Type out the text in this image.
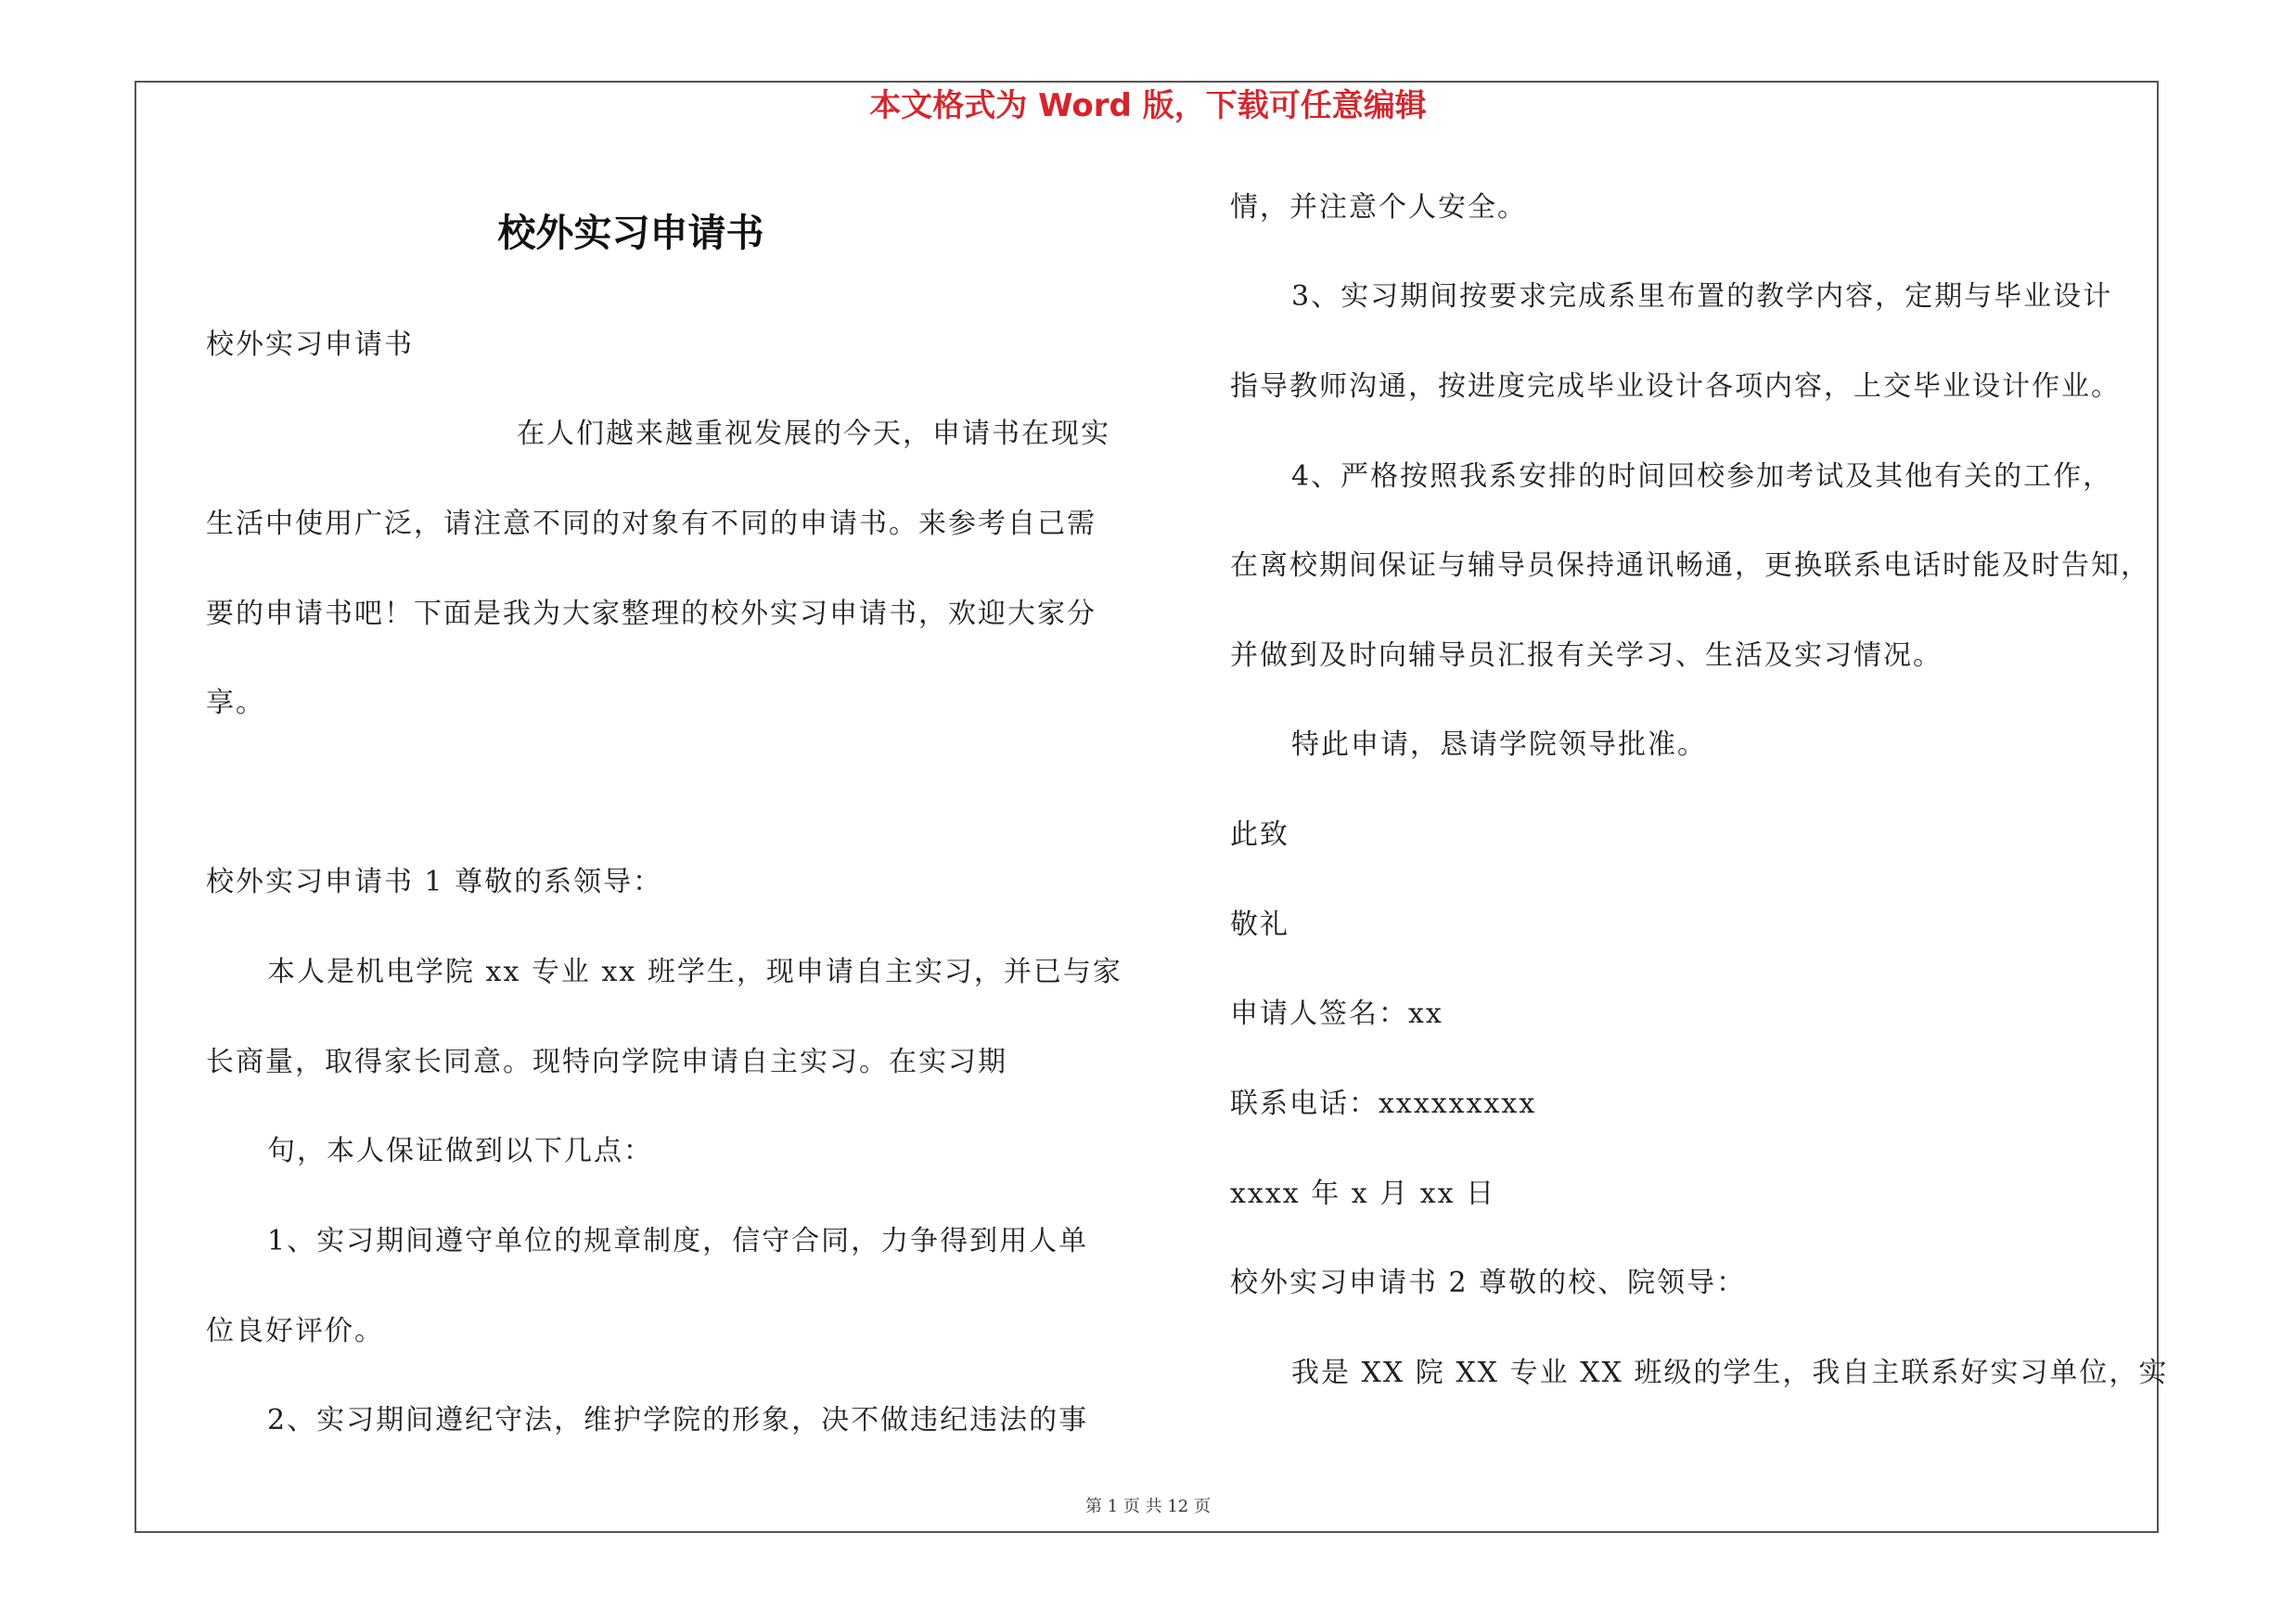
本文格式为 Word 版，下载可任意编辑
校外实习申请书
校外实习申请书
在人们越来越重视发展的今天，申请书在现实
生活中使用广泛，请注意不同的对象有不同的申请书。来参考自己需
要的申请书吧！下面是我为大家整理的校外实习申请书，欢迎大家分
享。
校外实习申请书 1 尊敬的系领导：
本人是机电学院 xx 专业 xx 班学生，现申请自主实习，并已与家
长商量，取得家长同意。现特向学院申请自主实习。在实习期
句，本人保证做到以下几点：
1、实习期间遵守单位的规章制度，信守合同，力争得到用人单
位良好评价。
2、实习期间遵纪守法，维护学院的形象，决不做违纪违法的事
情，并注意个人安全。
3、实习期间按要求完成系里布置的教学内容，定期与毕业设计
指导教师沟通，按进度完成毕业设计各项内容，上交毕业设计作业。
4、严格按照我系安排的时间回校参加考试及其他有关的工作，
在离校期间保证与辅导员保持通讯畅通，更换联系电话时能及时告知，
并做到及时向辅导员汇报有关学习、生活及实习情况。
特此申请，恳请学院领导批准。
此致
敬礼
申请人签名：xx
联系电话：xxxxxxxxx
xxxx 年 x 月 xx 日
校外实习申请书 2 尊敬的校、院领导：
我是 XX 院 XX 专业 XX 班级的学生，我自主联系好实习单位，实
第 1 页 共 12 页
